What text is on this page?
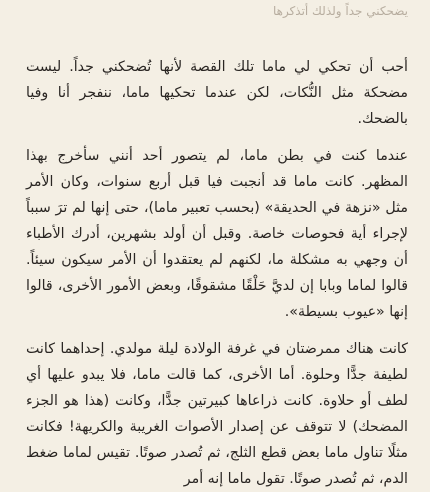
يضحكني جداً ولذلك أتذكرها

أحب أن تحكي لي ماما تلك القصة لأنها تُضحكني جداً. ليست مضحكة مثل النُّكات، لكن عندما تحكيها ماما، ننفجر أنا وفيا بالضحك.

عندما كنت في بطن ماما، لم يتصور أحد أنني سأخرج بهذا المظهر. كانت ماما قد أنجبت فيا قبل أربع سنوات، وكان الأمر مثل «نزهة في الحديقة» (بحسب تعبير ماما)، حتى إنها لم ترَ سبباً لإجراء أية فحوصات خاصة. وقبل أن أولد بشهرين، أدرك الأطباء أن وجهي به مشكلة ما، لكنهم لم يعتقدوا أن الأمر سيكون سيئاً. قالوا لماما وبابا إن لديَّ حَلْقًا مشقوقًا، وبعض الأمور الأخرى، قالوا إنها «عيوب بسيطة».

كانت هناك ممرضتان في غرفة الولادة ليلة مولدي. إحداهما كانت لطيفة جدًّا وحلوة. أما الأخرى، كما قالت ماما، فلا يبدو عليها أي لطف أو حلاوة. كانت ذراعاها كبيرتين جدًّا، وكانت (هذا هو الجزء المضحك) لا تتوقف عن إصدار الأصوات الغريبة والكريهة! فكانت مثلًا تناول ماما بعض قطع الثلج، ثم تُصدر صوتًا. تقيس لماما ضغط الدم، ثم تُصدر صوتًا. تقول ماما إنه أمر
